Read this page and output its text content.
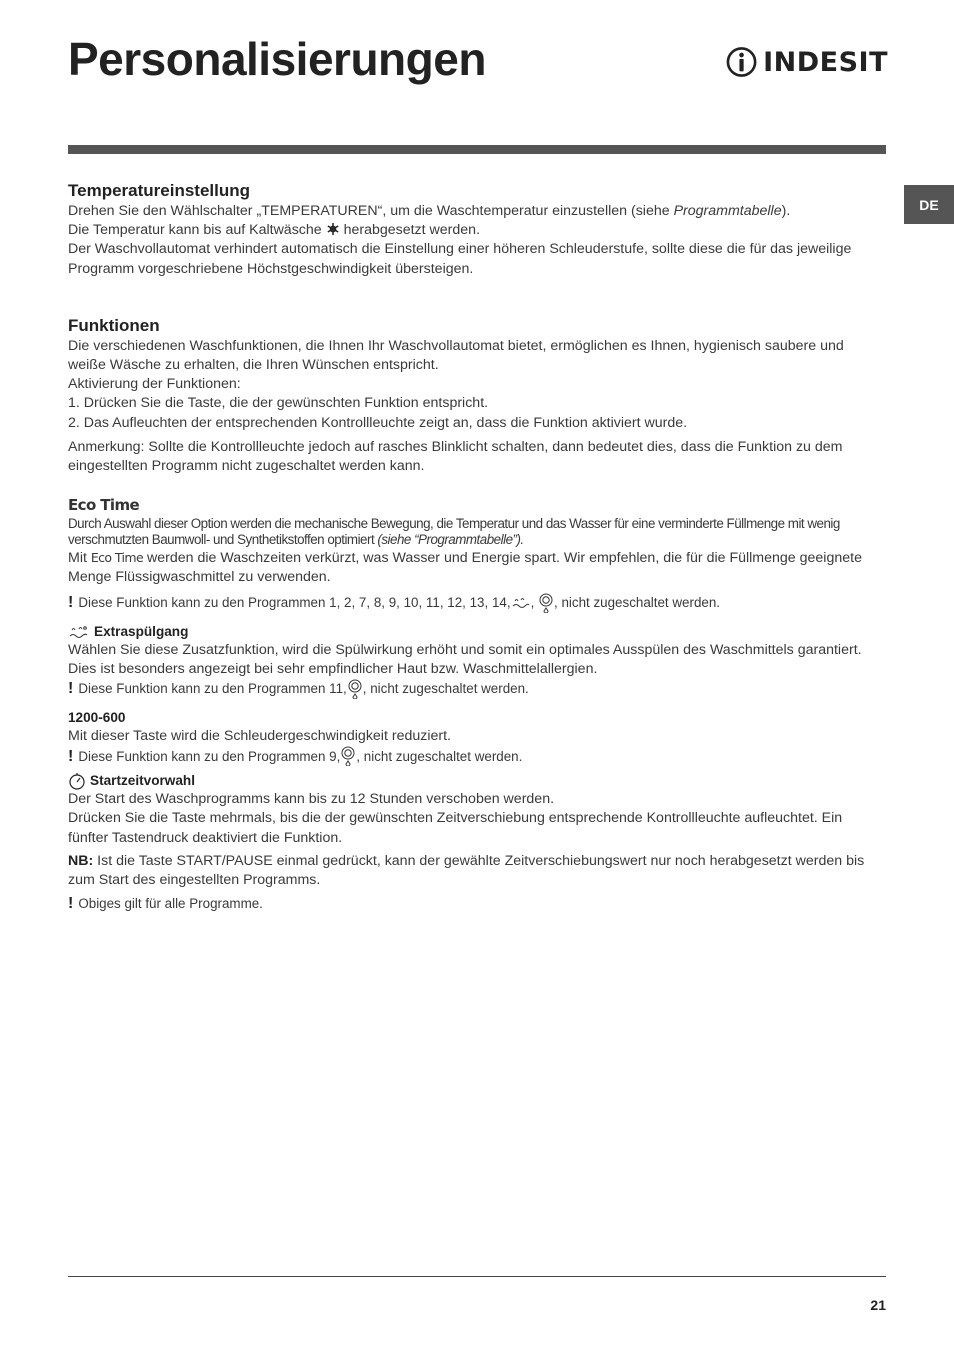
Personalisierungen	INDESIT
DE
Temperatureinstellung

Drehen Sie den Wählschalter „TEMPERATUREN“, um die Waschtemperatur einzustellen (siehe Programmtabelle).

Die Temperatur kann bis auf Kaltwäsche  herabgesetzt werden.

Der Waschvollautomat verhindert automatisch die Einstellung einer höheren Schleuderstufe, sollte diese die für das jeweilige Programm vorgeschriebene Höchstgeschwindigkeit übersteigen.

Funktionen

Die verschiedenen Waschfunktionen, die Ihnen Ihr Waschvollautomat bietet, ermöglichen es Ihnen, hygienisch saubere und weiße Wäsche zu erhalten, die Ihren Wünschen entspricht.

Aktivierung der Funktionen:

1. Drücken Sie die Taste, die der gewünschten Funktion entspricht.

2. Das Aufleuchten der entsprechenden Kontrollleuchte zeigt an, dass die Funktion aktiviert wurde.

Anmerkung: Sollte die Kontrollleuchte jedoch auf rasches Blinklicht schalten, dann bedeutet dies, dass die Funktion zu dem eingestellten Programm nicht zugeschaltet werden kann.

Eco Time

Durch Auswahl dieser Option werden die mechanische Bewegung, die Temperatur und das Wasser für eine verminderte Füllmenge mit wenig verschmutzten Baumwoll- und Synthetikstoffen optimiert (siehe “Programmtabelle”).

Mit Eco Time werden die Waschzeiten verkürzt, was Wasser und Energie spart. Wir empfehlen, die für die Füllmenge geeignete Menge Flüssigwaschmittel zu verwenden.

! Diese Funktion kann zu den Programmen 1, 2, 7, 8, 9, 10, 11, 12, 13, 14, , , nicht zugeschaltet werden.

Extraspülgang

Wählen Sie diese Zusatzfunktion, wird die Spülwirkung erhöht und somit ein optimales Ausspülen des Waschmittels garantiert. Dies ist besonders angezeigt bei sehr empfindlicher Haut bzw. Waschmittelallergien.

! Diese Funktion kann zu den Programmen 11, , nicht zugeschaltet werden.

1200-600

Mit dieser Taste wird die Schleudergeschwindigkeit reduziert.

! Diese Funktion kann zu den Programmen 9, , nicht zugeschaltet werden.

Startzeitvorwahl

Der Start des Waschprogramms kann bis zu 12 Stunden verschoben werden.

Drücken Sie die Taste mehrmals, bis die der gewünschten Zeitverschiebung entsprechende Kontrollleuchte aufleuchtet. Ein fünfter Tastendruck deaktiviert die Funktion.

NB: Ist die Taste START/PAUSE einmal gedrückt, kann der gewählte Zeitverschiebungswert nur noch herabgesetzt werden bis zum Start des eingestellten Programms.

! Obiges gilt für alle Programme.

21
